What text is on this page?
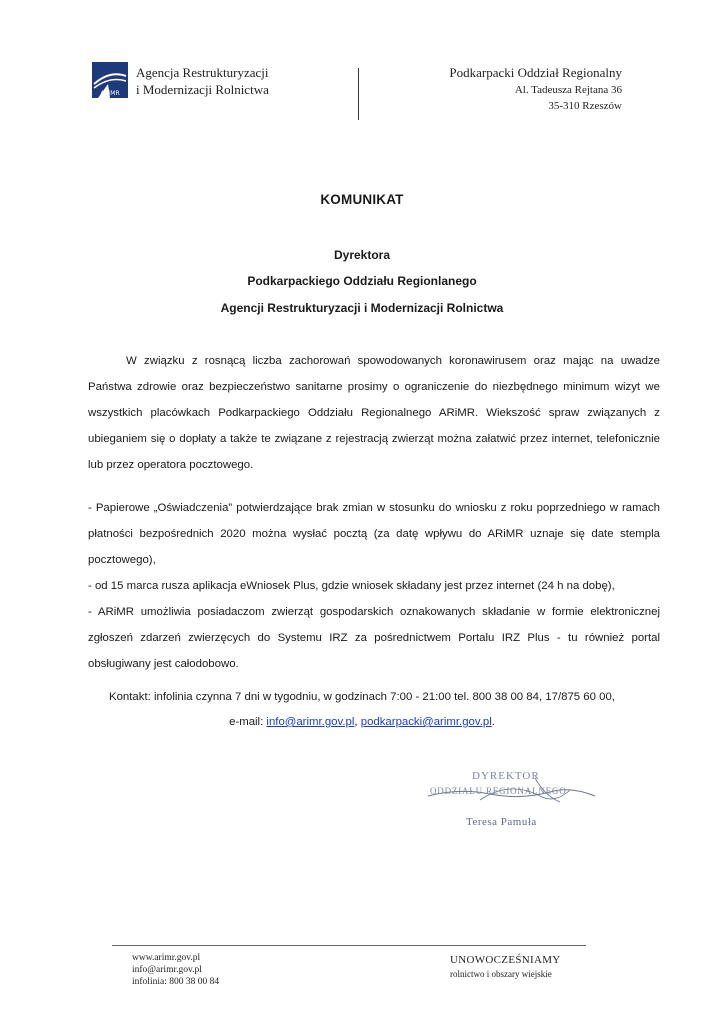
ARiMR
Agencja Restrukturyzacji
i Modernizacji Rolnictwa
Podkarpacki Oddział Regionalny
Al. Tadeusza Rejtana 36
35-310 Rzeszów
KOMUNIKAT
Dyrektora
Podkarpackiego Oddziału Regionlanego
Agencji Restrukturyzacji i Modernizacji Rolnictwa

W związku z rosnącą liczba zachorowań spowodowanych koronawirusem oraz mając na uwadze Państwa zdrowie oraz bezpieczeństwo sanitarne prosimy o ograniczenie do niezbędnego minimum wizyt we wszystkich placówkach Podkarpackiego Oddziału Regionalnego ARiMR. Wiekszość spraw związanych z ubieganiem się o dopłaty a także te związane z rejestracją zwierząt można załatwić przez internet, telefonicznie lub przez operatora pocztowego.

- Papierowe „Oświadczenia” potwierdzające brak zmian w stosunku do wniosku z roku poprzedniego w ramach płatności bezpośrednich 2020 można wysłać pocztą (za datę wpływu do ARiMR uznaje się date stempla pocztowego),

- od 15 marca rusza aplikacja eWniosek Plus, gdzie wniosek składany jest przez internet (24 h na dobę),

- ARiMR umożliwia posiadaczom zwierząt gospodarskich oznakowanych składanie w formie elektronicznej zgłoszeń zdarzeń zwierzęcych do Systemu IRZ za pośrednictwem Portalu IRZ Plus - tu również portal obsługiwany jest całodobowo.

Kontakt: infolinia czynna 7 dni w tygodniu, w godzinach 7:00 - 21:00 tel. 800 38 00 84, 17/875 60 00,
e-mail: info@arimr.gov.pl, podkarpacki@arimr.gov.pl.
DYREKTOR
ODDZIAŁU REGIONALNEGO
Teresa Pamuła
www.arimr.gov.pl
info@arimr.gov.pl
infolinia: 800 38 00 84
UNOWOCZEŚNIAMY
rolnictwo i obszary wiejskie
